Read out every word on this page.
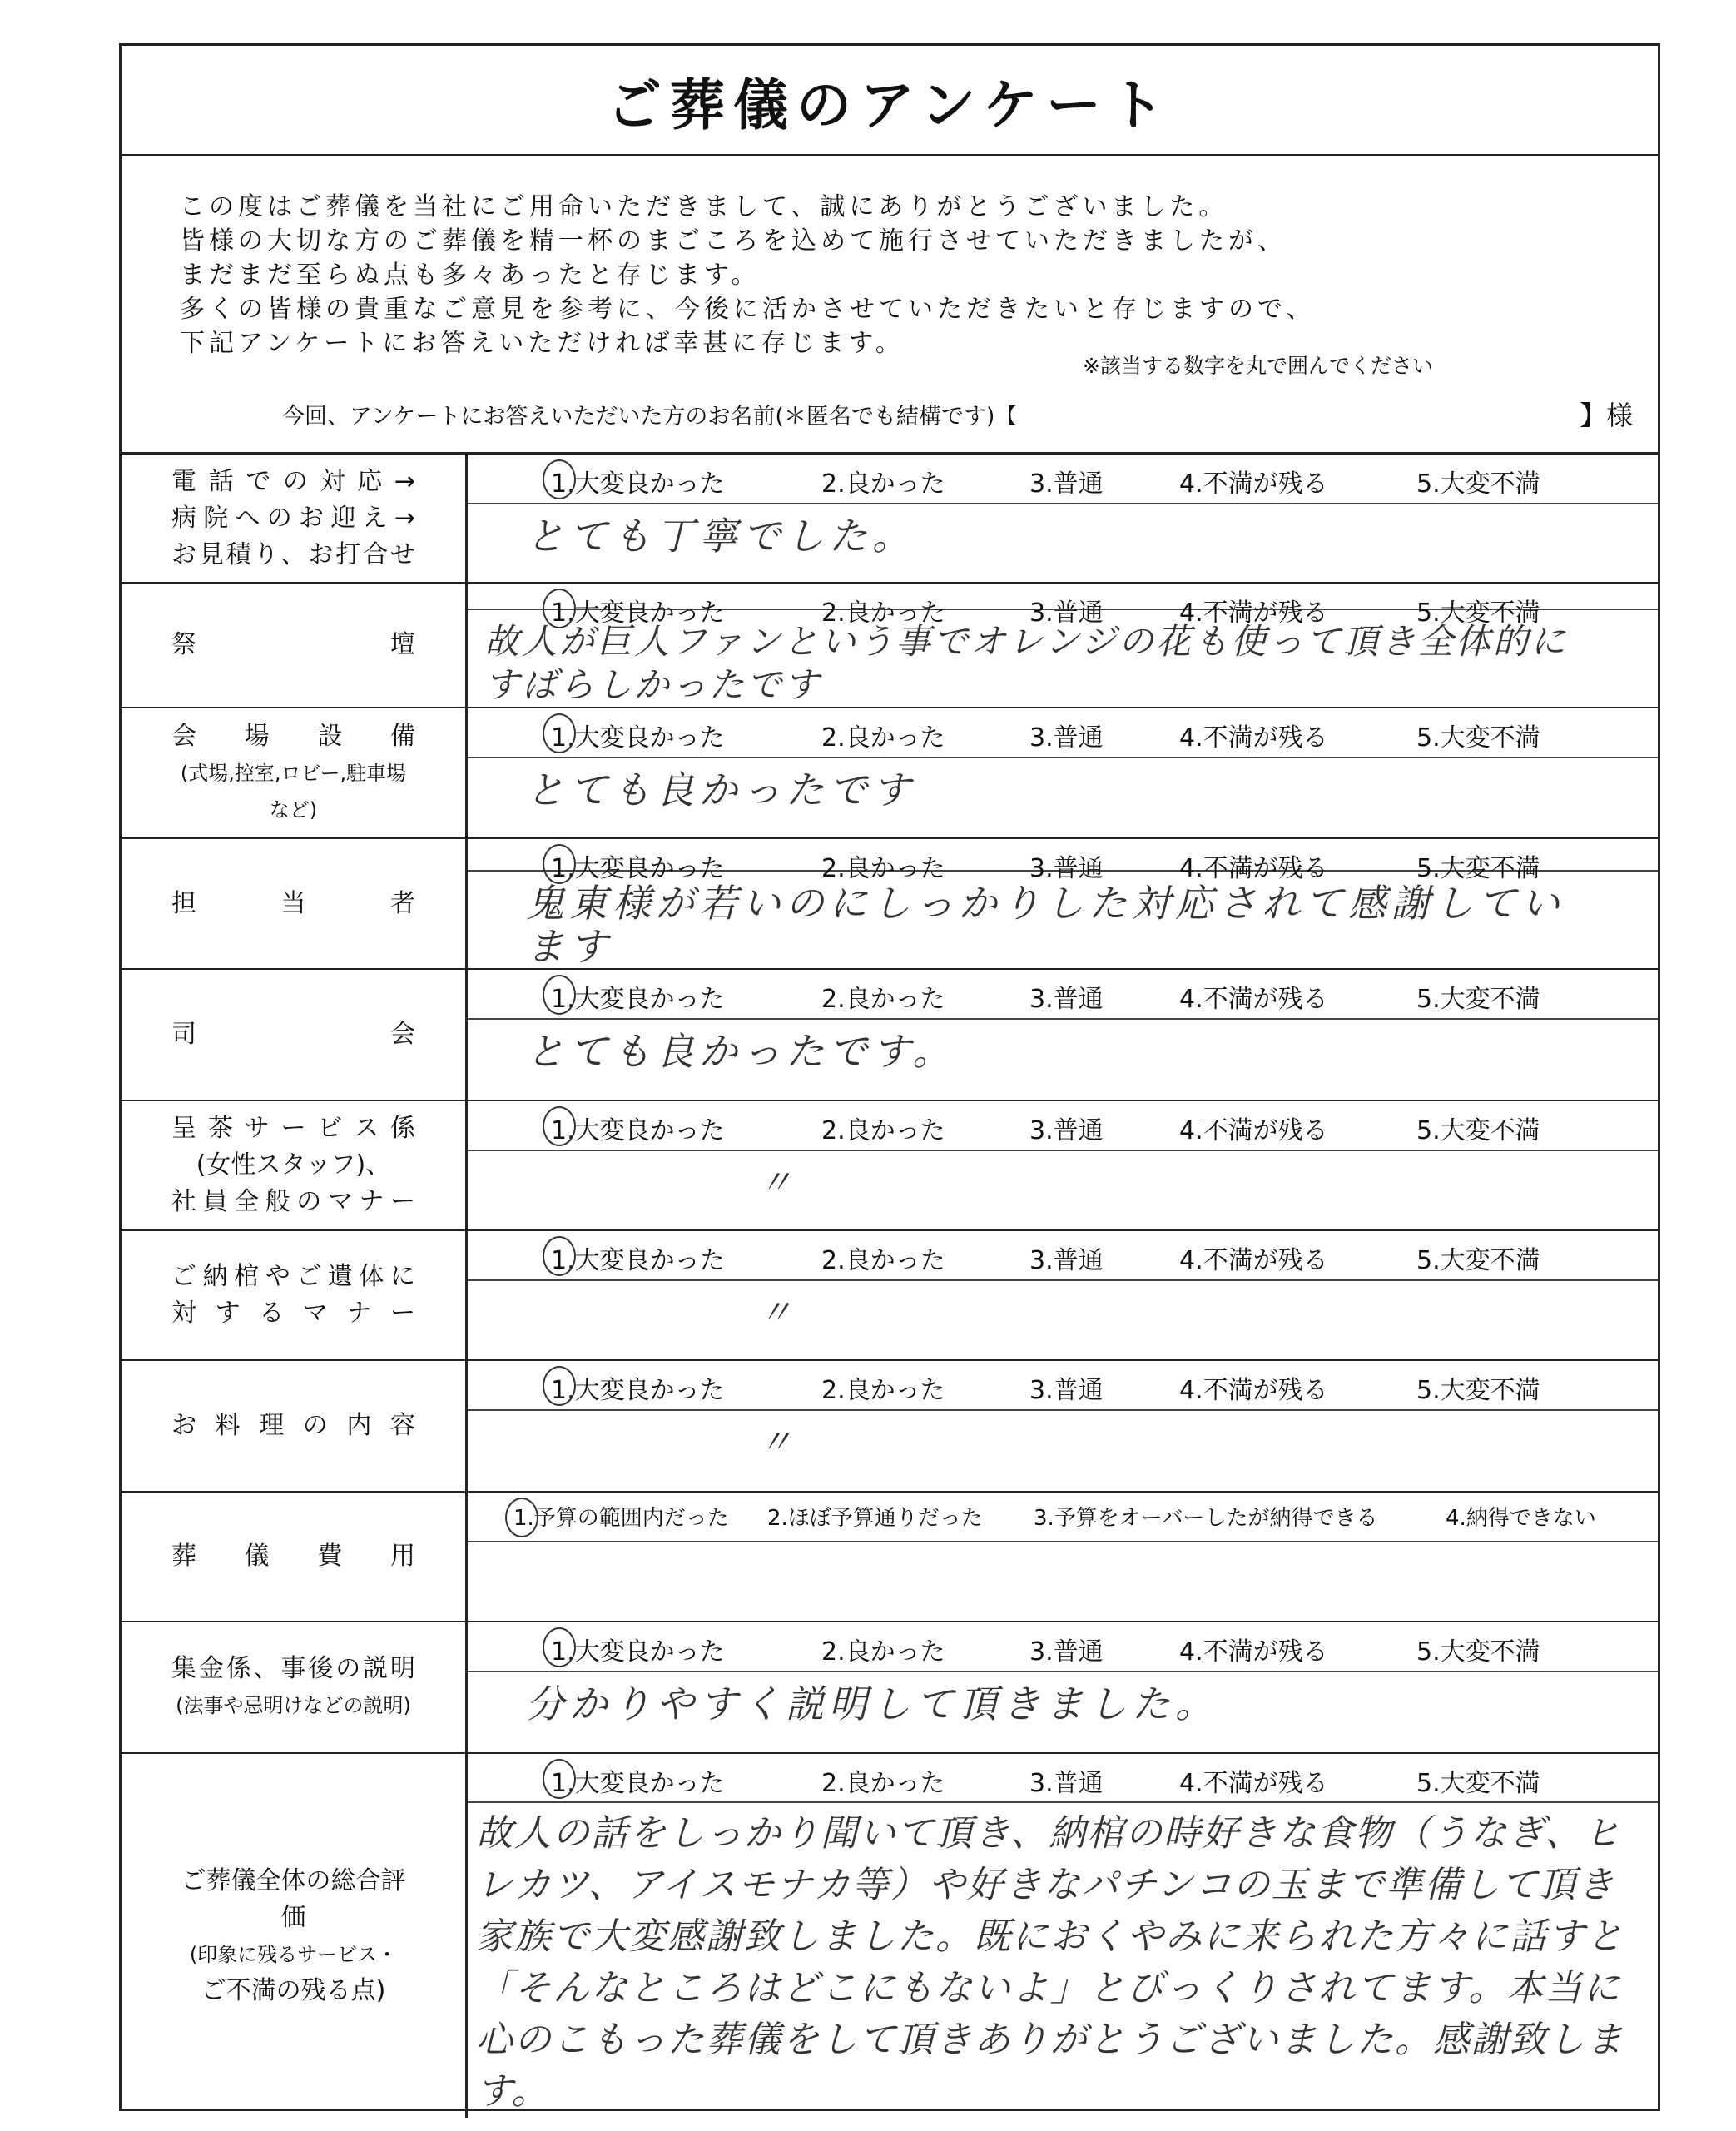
ご葬儀のアンケート
この度はご葬儀を当社にご用命いただきまして、誠にありがとうございました。
皆様の大切な方のご葬儀を精一杯のまごころを込めて施行させていただきましたが、
まだまだ至らぬ点も多々あったと存じます。
多くの皆様の貴重なご意見を参考に、今後に活かさせていただきたいと存じますので、
下記アンケートにお答えいただければ幸甚に存じます。
※該当する数字を丸で囲んでください
今回、アンケートにお答えいただいた方のお名前(＊匿名でも結構です)【	】様
電話での対応→
病院へのお迎え→
お見積り、お打合せ
1.大変良かった	2.良かった	3.普通	4.不満が残る	5.大変不満
とても丁寧でした。
祭壇
1.大変良かった	2.良かった	3.普通	4.不満が残る	5.大変不満
故人が巨人ファンという事でオレンジの花も使って頂き全体的にすばらしかったです
会場設備
(式場,控室,ロビー,駐車場など)
1.大変良かった	2.良かった	3.普通	4.不満が残る	5.大変不満
とても良かったです
担当者
1.大変良かった	2.良かった	3.普通	4.不満が残る	5.大変不満
鬼東様が若いのにしっかりした対応されて感謝しています
司会
1.大変良かった	2.良かった	3.普通	4.不満が残る	5.大変不満
とても良かったです。
呈茶サービス係
(女性スタッフ)、
社員全般のマナー
1.大変良かった	2.良かった	3.普通	4.不満が残る	5.大変不満
〃
ご納棺やご遺体に
対するマナー
1.大変良かった	2.良かった	3.普通	4.不満が残る	5.大変不満
〃
お料理の内容
1.大変良かった	2.良かった	3.普通	4.不満が残る	5.大変不満
〃
葬儀費用
1.予算の範囲内だった 2.ほぼ予算通りだった 3.予算をオーバーしたが納得できる	4.納得できない
集金係、事後の説明
(法事や忌明けなどの説明)
1.大変良かった	2.良かった	3.普通	4.不満が残る	5.大変不満
分かりやすく説明して頂きました。
ご葬儀全体の総合評価
(印象に残るサービス・
ご不満の残る点)
1.大変良かった	2.良かった	3.普通	4.不満が残る	5.大変不満
故人の話をしっかり聞いて頂き、納棺の時好きな食物（うなぎ、ヒレカツ、アイスモナカ等）や好きなパチンコの玉まで準備して頂き家族で大変感謝致しました。既におくやみに来られた方々に話すと「そんなところはどこにもないよ」とびっくりされてます。本当に心のこもった葬儀をして頂きありがとうございました。感謝致します。
